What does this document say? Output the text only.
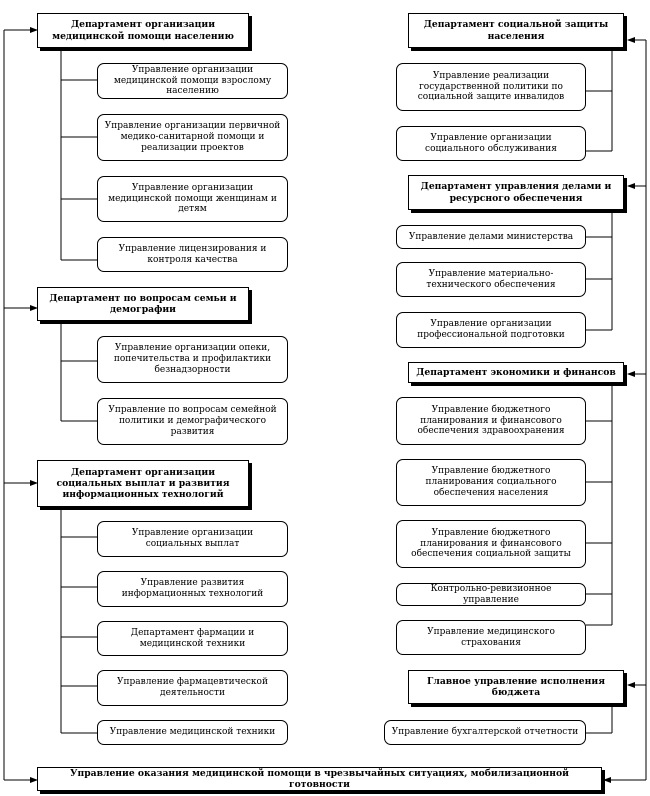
Департамент организации медицинской помощи населению
Управление организации медицинской помощи взрослому населению
Управление организации первичной медико-санитарной помощи и реализации проектов
Управление организации медицинской помощи женщинам и детям
Управление лицензирования и контроля качества
Департамент по вопросам семьи и демографии
Управление организации опеки, попечительства и профилактики безнадзорности
Управление по вопросам семейной политики и демографического развития
Департамент организации социальных выплат и развития информационных технологий
Управление организации социальных выплат
Управление развития информационных технологий
Департамент фармации и медицинской техники
Управление фармацевтической деятельности
Управление медицинской техники
Департамент социальной защиты населения
Управление реализации государственной политики по социальной защите инвалидов
Управление организации социального обслуживания
Департамент управления делами и ресурсного обеспечения
Управление делами министерства
Управление материально-технического обеспечения
Управление организации профессиональной подготовки
Департамент экономики и финансов
Управление бюджетного планирования и финансового обеспечения здравоохранения
Управление бюджетного планирования социального обеспечения населения
Управление бюджетного планирования и финансового обеспечения социальной защиты
Контрольно-ревизионное управление
Управление медицинского страхования
Главное управление исполнения бюджета
Управление бухгалтерской отчетности
Управление оказания медицинской помощи в чрезвычайных ситуациях, мобилизационной готовности
